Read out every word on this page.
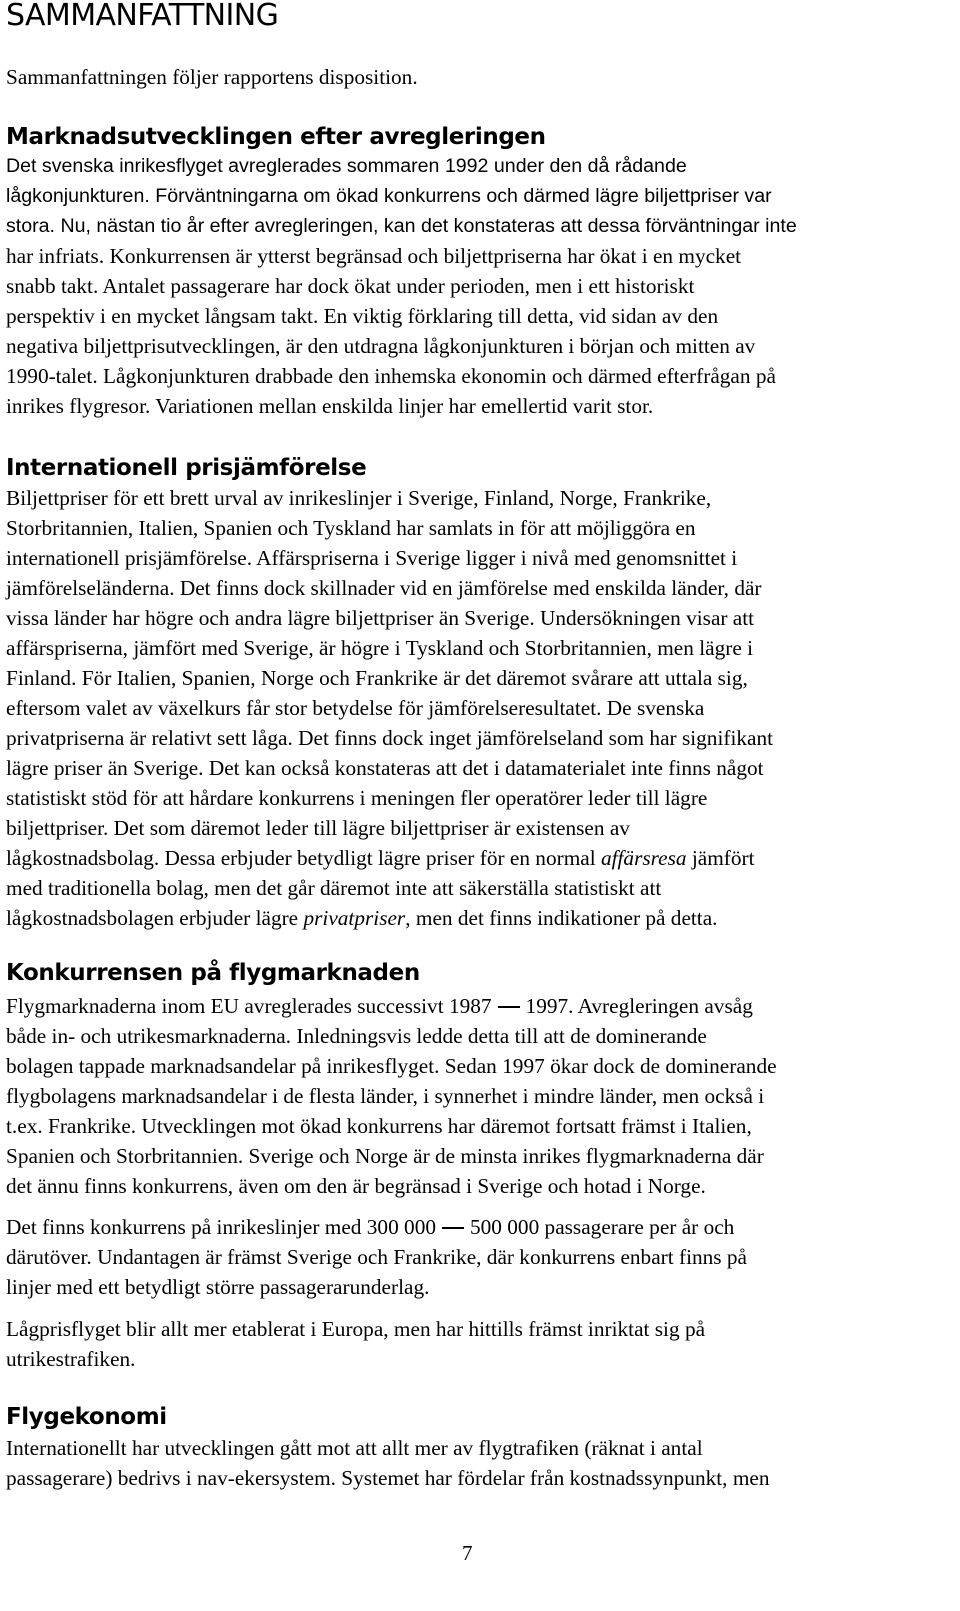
SAMMANFATTNING
Sammanfattningen följer rapportens disposition.
Marknadsutvecklingen efter avregleringen
Det svenska inrikesflyget avreglerades sommaren 1992 under den då rådande
lågkonjunkturen. Förväntningarna om ökad konkurrens och därmed lägre biljettpriser var
stora. Nu, nästan tio år efter avregleringen, kan det konstateras att dessa förväntningar inte
har infriats. Konkurrensen är ytterst begränsad och biljettpriserna har ökat i en mycket
snabb takt. Antalet passagerare har dock ökat under perioden, men i ett historiskt
perspektiv i en mycket långsam takt. En viktig förklaring till detta, vid sidan av den
negativa biljettprisutvecklingen, är den utdragna lågkonjunkturen i början och mitten av
1990-talet. Lågkonjunkturen drabbade den inhemska ekonomin och därmed efterfrågan på
inrikes flygresor. Variationen mellan enskilda linjer har emellertid varit stor.
Internationell prisjämförelse
Biljettpriser för ett brett urval av inrikeslinjer i Sverige, Finland, Norge, Frankrike,
Storbritannien, Italien, Spanien och Tyskland har samlats in för att möjliggöra en
internationell prisjämförelse. Affärspriserna i Sverige ligger i nivå med genomsnittet i
jämförelseländerna. Det finns dock skillnader vid en jämförelse med enskilda länder, där
vissa länder har högre och andra lägre biljettpriser än Sverige. Undersökningen visar att
affärspriserna, jämfört med Sverige, är högre i Tyskland och Storbritannien, men lägre i
Finland. För Italien, Spanien, Norge och Frankrike är det däremot svårare att uttala sig,
eftersom valet av växelkurs får stor betydelse för jämförelseresultatet. De svenska
privatpriserna är relativt sett låga. Det finns dock inget jämförelseland som har signifikant
lägre priser än Sverige. Det kan också konstateras att det i datamaterialet inte finns något
statistiskt stöd för att hårdare konkurrens i meningen fler operatörer leder till lägre
biljettpriser. Det som däremot leder till lägre biljettpriser är existensen av
lågkostnadsbolag. Dessa erbjuder betydligt lägre priser för en normal affärsresa jämfört
med traditionella bolag, men det går däremot inte att säkerställa statistiskt att
lågkostnadsbolagen erbjuder lägre privatpriser, men det finns indikationer på detta.
Konkurrensen på flygmarknaden
Flygmarknaderna inom EU avreglerades successivt 1987 1997. Avregleringen avsåg
både in- och utrikesmarknaderna. Inledningsvis ledde detta till att de dominerande
bolagen tappade marknadsandelar på inrikesflyget. Sedan 1997 ökar dock de dominerande
flygbolagens marknadsandelar i de flesta länder, i synnerhet i mindre länder, men också i
t.ex. Frankrike. Utvecklingen mot ökad konkurrens har däremot fortsatt främst i Italien,
Spanien och Storbritannien. Sverige och Norge är de minsta inrikes flygmarknaderna där
det ännu finns konkurrens, även om den är begränsad i Sverige och hotad i Norge.
Det finns konkurrens på inrikeslinjer med 300 000 500 000 passagerare per år och
därutöver. Undantagen är främst Sverige och Frankrike, där konkurrens enbart finns på
linjer med ett betydligt större passagerarunderlag.
Lågprisflyget blir allt mer etablerat i Europa, men har hittills främst inriktat sig på
utrikestrafiken.
Flygekonomi
Internationellt har utvecklingen gått mot att allt mer av flygtrafiken (räknat i antal
passagerare) bedrivs i nav-ekersystem. Systemet har fördelar från kostnadssynpunkt, men
7
